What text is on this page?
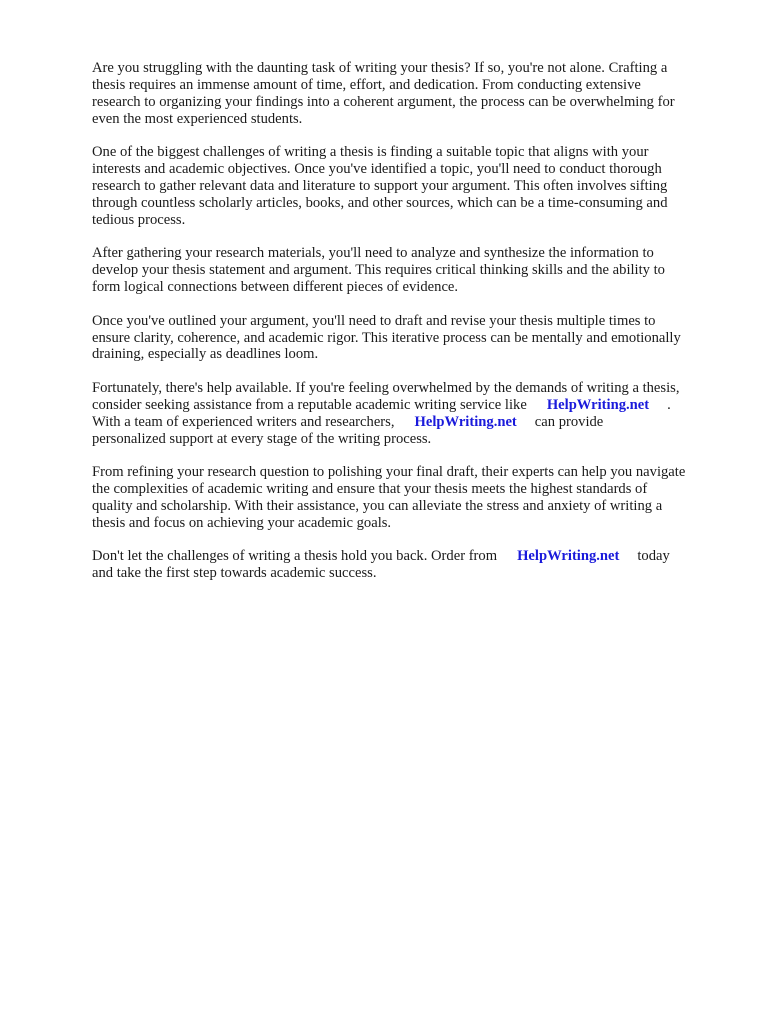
Are you struggling with the daunting task of writing your thesis? If so, you're not alone. Crafting a
thesis requires an immense amount of time, effort, and dedication. From conducting extensive
research to organizing your findings into a coherent argument, the process can be overwhelming for
even the most experienced students.

One of the biggest challenges of writing a thesis is finding a suitable topic that aligns with your
interests and academic objectives. Once you've identified a topic, you'll need to conduct thorough
research to gather relevant data and literature to support your argument. This often involves sifting
through countless scholarly articles, books, and other sources, which can be a time-consuming and
tedious process.

After gathering your research materials, you'll need to analyze and synthesize the information to
develop your thesis statement and argument. This requires critical thinking skills and the ability to
form logical connections between different pieces of evidence.

Once you've outlined your argument, you'll need to draft and revise your thesis multiple times to
ensure clarity, coherence, and academic rigor. This iterative process can be mentally and emotionally
draining, especially as deadlines loom.

Fortunately, there's help available. If you're feeling overwhelmed by the demands of writing a thesis,
consider seeking assistance from a reputable academic writing service like HelpWriting.net .
With a team of experienced writers and researchers, HelpWriting.net can provide
personalized support at every stage of the writing process.

From refining your research question to polishing your final draft, their experts can help you navigate
the complexities of academic writing and ensure that your thesis meets the highest standards of
quality and scholarship. With their assistance, you can alleviate the stress and anxiety of writing a
thesis and focus on achieving your academic goals.

Don't let the challenges of writing a thesis hold you back. Order from HelpWriting.net today
and take the first step towards academic success.
